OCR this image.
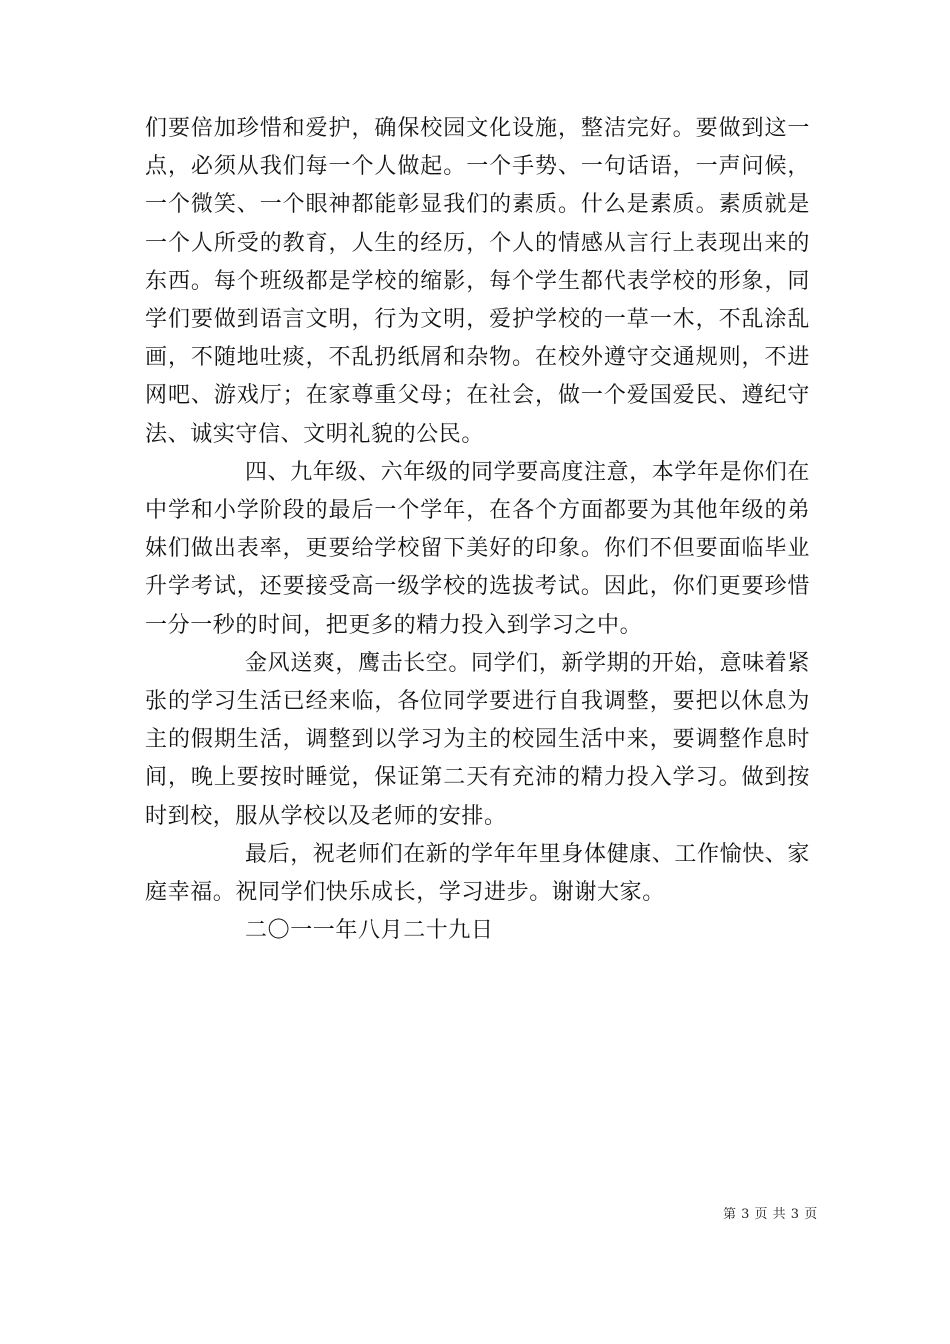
们要倍加珍惜和爱护，确保校园文化设施，整洁完好。要做到这一点，必须从我们每一个人做起。一个手势、一句话语，一声问候，一个微笑、一个眼神都能彰显我们的素质。什么是素质。素质就是一个人所受的教育，人生的经历，个人的情感从言行上表现出来的东西。每个班级都是学校的缩影，每个学生都代表学校的形象，同学们要做到语言文明，行为文明，爱护学校的一草一木，不乱涂乱画，不随地吐痰，不乱扔纸屑和杂物。在校外遵守交通规则，不进网吧、游戏厅；在家尊重父母；在社会，做一个爱国爱民、遵纪守法、诚实守信、文明礼貌的公民。

四、九年级、六年级的同学要高度注意，本学年是你们在中学和小学阶段的最后一个学年，在各个方面都要为其他年级的弟妹们做出表率，更要给学校留下美好的印象。你们不但要面临毕业升学考试，还要接受高一级学校的选拔考试。因此，你们更要珍惜一分一秒的时间，把更多的精力投入到学习之中。

金风送爽，鹰击长空。同学们，新学期的开始，意味着紧张的学习生活已经来临，各位同学要进行自我调整，要把以休息为主的假期生活，调整到以学习为主的校园生活中来，要调整作息时间，晚上要按时睡觉，保证第二天有充沛的精力投入学习。做到按时到校，服从学校以及老师的安排。

最后，祝老师们在新的学年年里身体健康、工作愉快、家庭幸福。祝同学们快乐成长，学习进步。谢谢大家。

二〇一一年八月二十九日

第 3 页 共 3 页
